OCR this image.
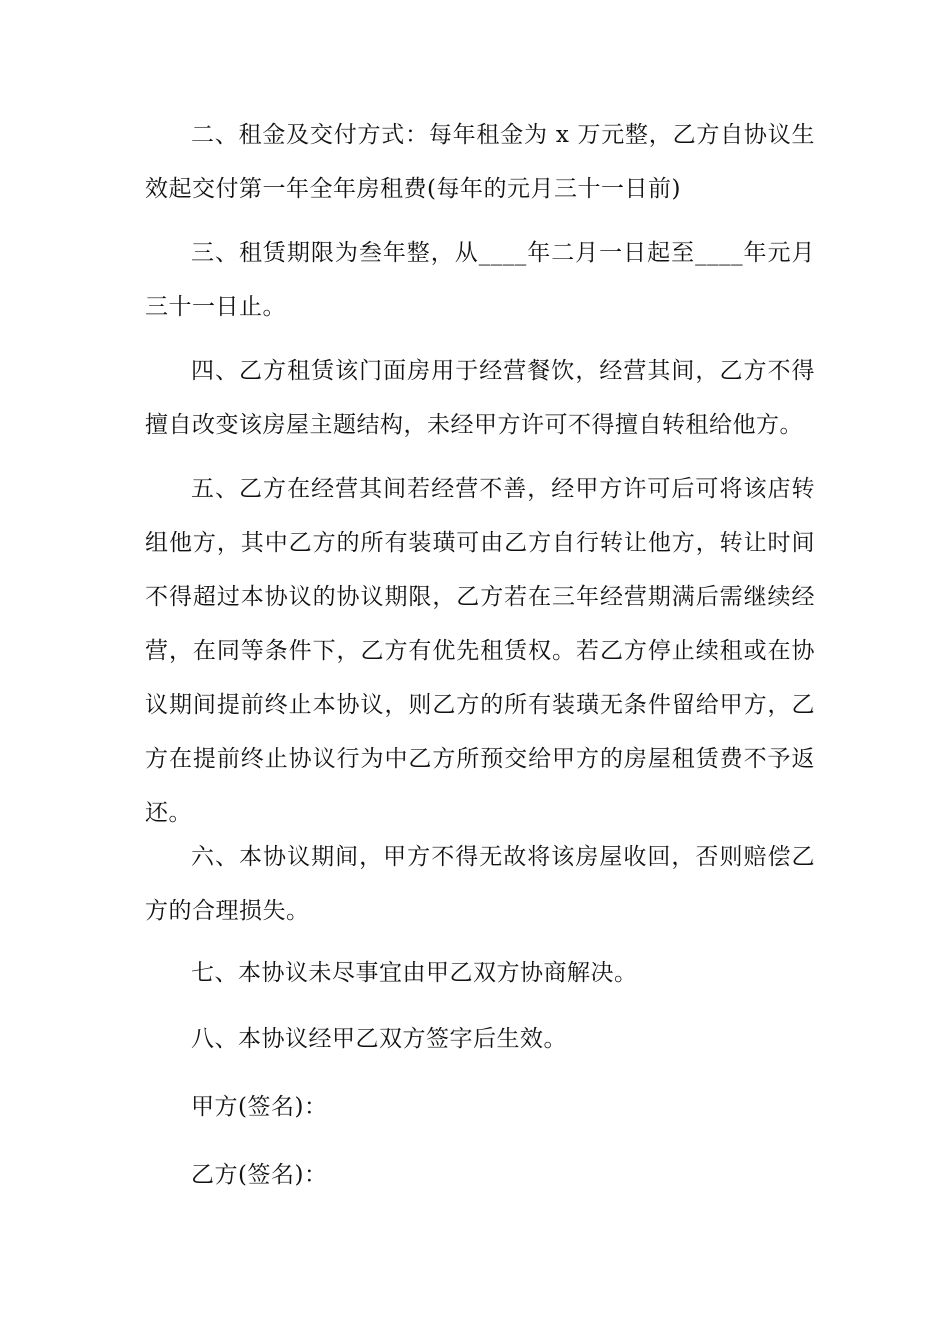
二、租金及交付方式：每年租金为 x 万元整，乙方自协议生效起交付第一年全年房租费(每年的元月三十一日前)

三、租赁期限为叁年整，从____年二月一日起至____年元月三十一日止。

四、乙方租赁该门面房用于经营餐饮，经营其间，乙方不得擅自改变该房屋主题结构，未经甲方许可不得擅自转租给他方。

五、乙方在经营其间若经营不善，经甲方许可后可将该店转组他方，其中乙方的所有装璜可由乙方自行转让他方，转让时间不得超过本协议的协议期限，乙方若在三年经营期满后需继续经营，在同等条件下，乙方有优先租赁权。若乙方停止续租或在协议期间提前终止本协议，则乙方的所有装璜无条件留给甲方，乙方在提前终止协议行为中乙方所预交给甲方的房屋租赁费不予返还。

六、本协议期间，甲方不得无故将该房屋收回，否则赔偿乙方的合理损失。

七、本协议未尽事宜由甲乙双方协商解决。

八、本协议经甲乙双方签字后生效。

甲方(签名)：

乙方(签名)：
